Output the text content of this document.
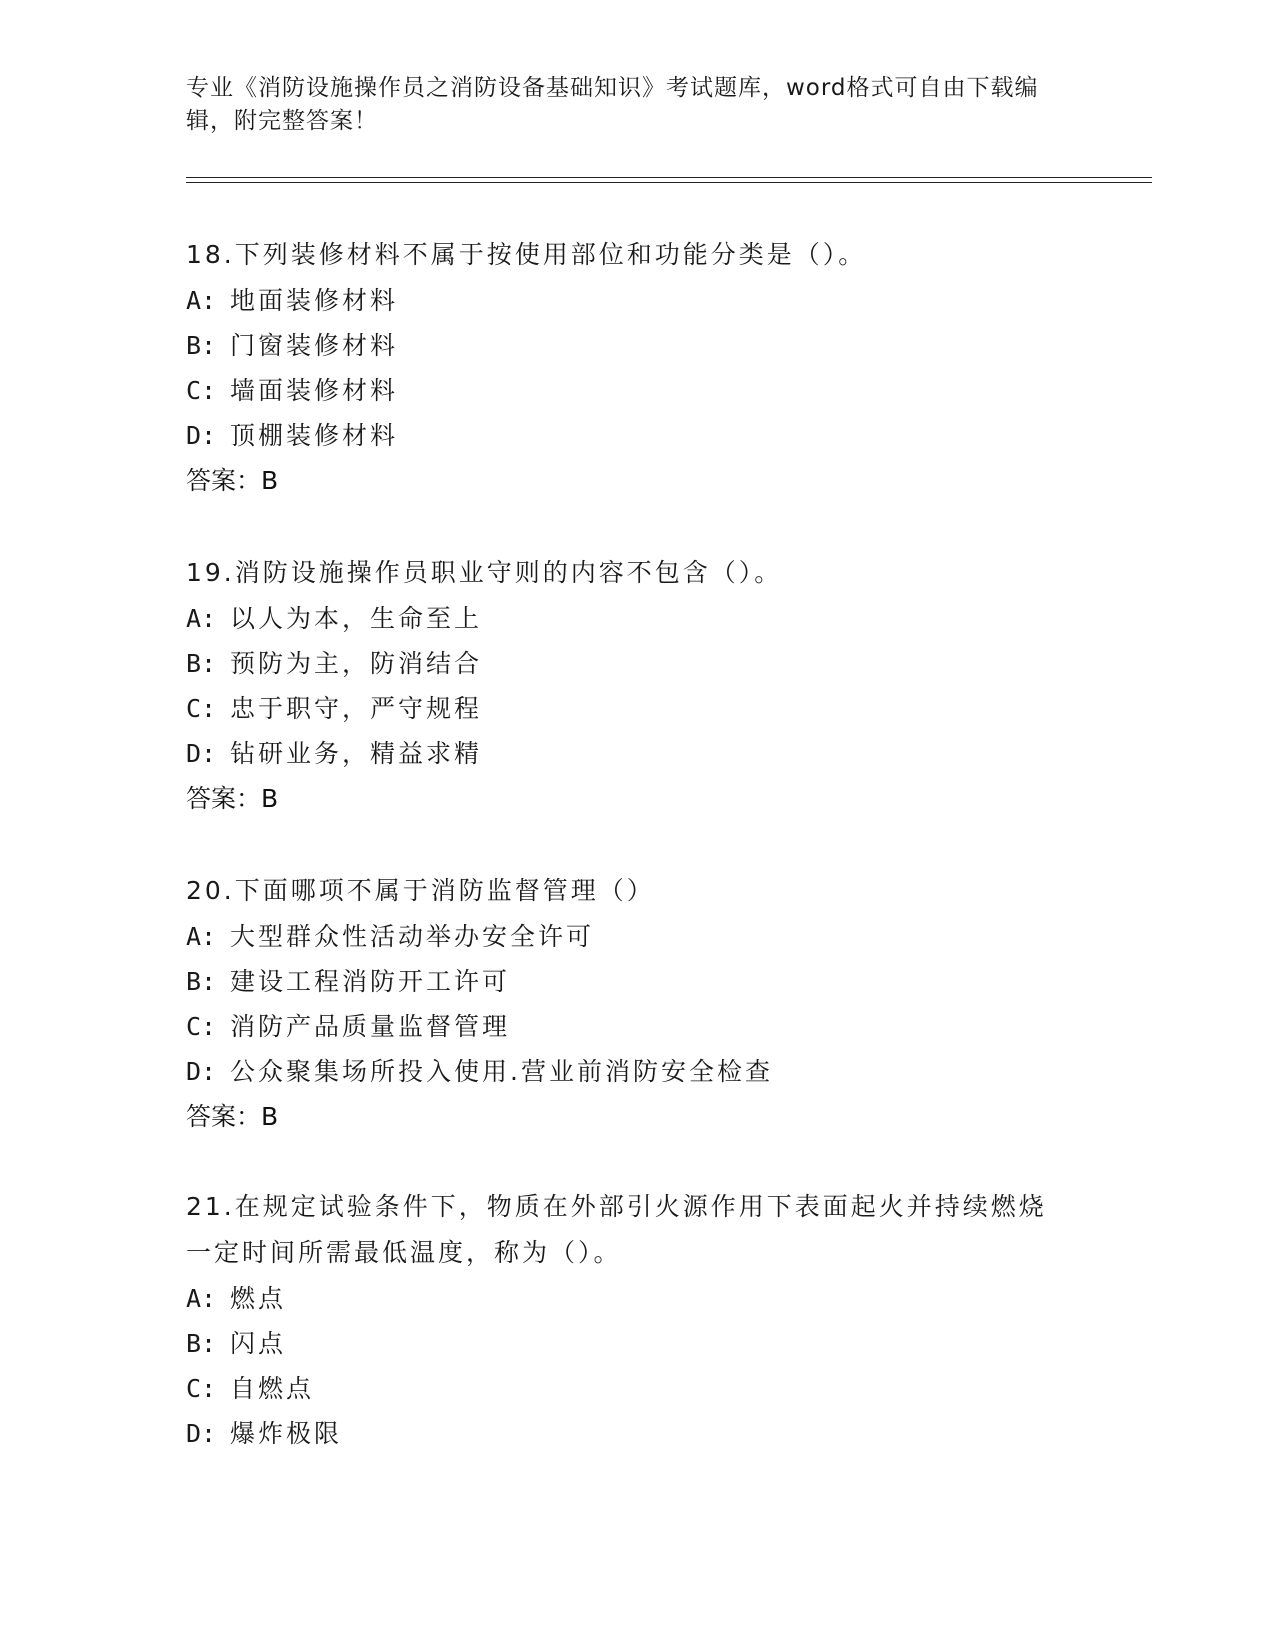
专业《消防设施操作员之消防设备基础知识》考试题库，word格式可自由下载编
辑，附完整答案！

18.下列装修材料不属于按使用部位和功能分类是（）。

A: 地面装修材料

B: 门窗装修材料

C: 墙面装修材料

D: 顶棚装修材料

答案：B

19.消防设施操作员职业守则的内容不包含（）。

A: 以人为本，生命至上

B: 预防为主，防消结合

C: 忠于职守，严守规程

D: 钻研业务，精益求精

答案：B

20.下面哪项不属于消防监督管理（）

A: 大型群众性活动举办安全许可

B: 建设工程消防开工许可

C: 消防产品质量监督管理

D: 公众聚集场所投入使用.营业前消防安全检查

答案：B

21.在规定试验条件下，物质在外部引火源作用下表面起火并持续燃烧

一定时间所需最低温度，称为（）。

A: 燃点

B: 闪点

C: 自燃点

D: 爆炸极限
